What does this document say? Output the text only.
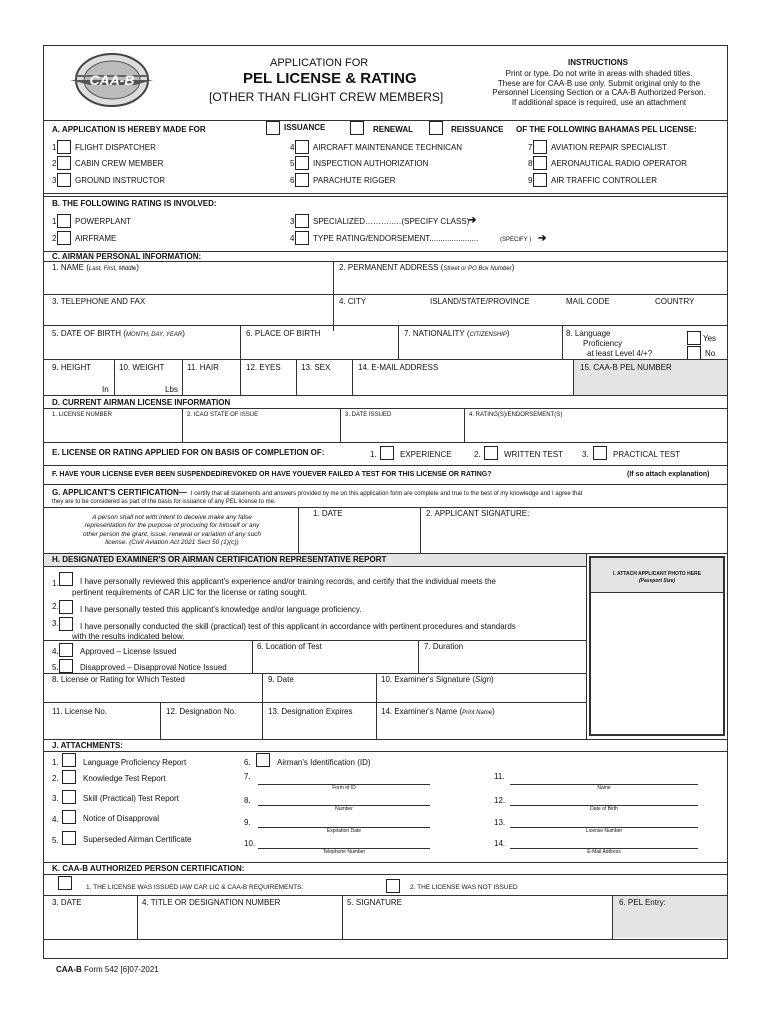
CAA-B
APPLICATION FOR
PEL LICENSE & RATING
[OTHER THAN FLIGHT CREW MEMBERS]
INSTRUCTIONS
Print or type. Do not write in areas with shaded titles.
These are for CAA-B use only. Submit original only to the
Personnel Licensing Section or a CAA-B Authorized Person.
If additional space is required, use an attachment
A. APPLICATION IS HEREBY MADE FOR	ISSUANCE	RENEWAL	REISSUANCE OF THE FOLLOWING BAHAMAS PEL LICENSE:
1 FLIGHT DISPATCHER
2 CABIN CREW MEMBER
3 GROUND INSTRUCTOR
4 AIRCRAFT MAINTENANCE TECHNICAN
5 INSPECTION AUTHORIZATION
6 PARACHUTE RIGGER
7 AVIATION REPAIR SPECIALIST
8 AERONAUTICAL RADIO OPERATOR
9 AIR TRAFFIC CONTROLLER
B. THE FOLLOWING RATING IS INVOLVED:
1 POWERPLANT
2 AIRFRAME
3 SPECIALIZED………..…(SPECIFY CLASS)
➔
4 TYPE RATING/ENDORSEMENT......................	(SPECIFY ) ➔
C. AIRMAN PERSONAL INFORMATION:
1. NAME (Last, First, Middle)	2. PERMANENT ADDRESS (Street or PO Box Number)
3. TELEPHONE AND FAX	4. CITY	ISLAND/STATE/PROVINCE	MAIL CODE	COUNTRY
5. DATE OF BIRTH (MONTH, DAY, YEAR)	6. PLACE OF BIRTH	7. NATIONALITY (CITIZENSHIP)	8. Language
Proficiency
at least Level 4/+?
Yes
No
9. HEIGHT	10. WEIGHT	11. HAIR	12. EYES	13. SEX	14. E-MAIL ADDRESS	15. CAA-B PEL NUMBER
In	Lbs
D. CURRENT AIRMAN LICENSE INFORMATION
1. LICENSE NUMBER	2. ICAO STATE OF ISSUE	3. DATE ISSUED	4. RATING(S)/ENDORSEMENT(S)
E. LICENSE OR RATING APPLIED FOR ON BASIS OF COMPLETION OF:	1.	EXPERIENCE	2.	WRITTEN TEST 3.	PRACTICAL TEST
F. HAVE YOUR LICENSE EVER BEEN SUSPENDED/REVOKED OR HAVE YOUEVER FAILED A TEST FOR THIS LICENSE OR RATING?	(If so attach explanation)
G. APPLICANT'S CERTIFICATION— I certify that all statements and answers provided by me on this application form are complete and true to the best of my knowledge and I agree that
they are to be considered as part of the basis for issuance of any PEL license to me.
A person shall not with intent to deceive make any false
representation for the purpose of procuring for himself or any
other person the grant, issue, renewal or variation of any such
license. (Civil Aviation Act 2021 Sect 50 (1)(c))
1. DATE	2. APPLICANT SIGNATURE:
H. DESIGNATED EXAMINER'S OR AIRMAN CERTIFICATION REPRESENTATIVE REPORT
I. ATTACH APPLICANT PHOTO HERE
(Passport Size)
1.	I have personally reviewed this applicant's experience and/or training records, and certify that the individual meets the
pertinent requirements of CAR LIC for the license or rating sought.
2.	I have personally tested this applicant's knowledge and/or language proficiency.
3.	I have personally conducted the skill (practical) test of this applicant in accordance with pertinent procedures and standards
with the results indicated below.
4.	Approved – License Issued
5.	Disapproved – Disapproval Notice Issued
6. Location of Test	7. Duration
8. License or Rating for Which Tested	9. Date	10. Examiner's Signature (Sign)
11. License No.	12. Designation No.	13. Designation Expires	14. Examiner's Name (Print Name)
J. ATTACHMENTS:
1.	Language Proficiency Report
2.	Knowledge Test Report
3.	Skill (Practical) Test Report
4.	Notice of Disapproval
5.	Superseded Airman Certificate
6.	Airman's Identification (ID)
7.
Form of ID
8.
Number
9.
Expiration Date
10.
Telephone Number
11.
Name
12.
Date of Birth
13.
License Number
14.
E-Mail Address
K. CAA-B AUTHORIZED PERSON CERTIFICATION:
1. THE LICENSE WAS ISSUED IAW CAR LIC & CAA-B REQUIREMENTS:	2. THE LICENSE WAS NOT ISSUED
3. DATE	4. TITLE OR DESIGNATION NUMBER	5. SIGNATURE	6. PEL Entry:
CAA-B Form 542 [6]07-2021
